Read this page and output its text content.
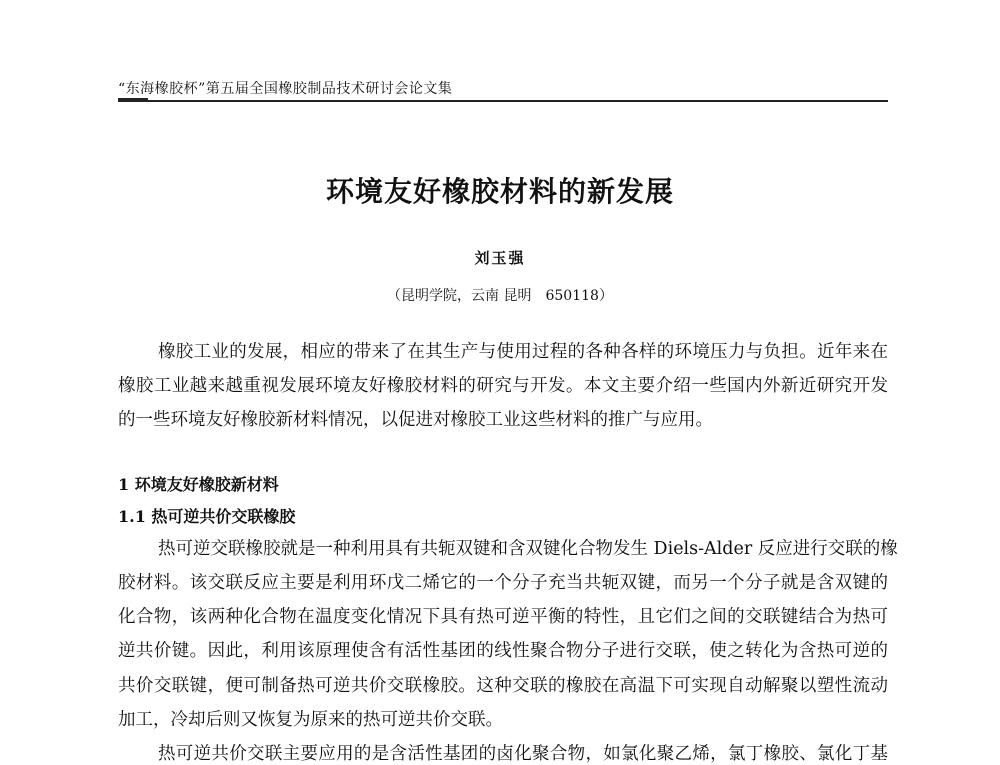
“东海橡胶杯”第五届全国橡胶制品技术研讨会论文集
环境友好橡胶材料的新发展
刘玉强
（昆明学院，云南 昆明　650118）
橡胶工业的发展，相应的带来了在其生产与使用过程的各种各样的环境压力与负担。近年来在
橡胶工业越来越重视发展环境友好橡胶材料的研究与开发。本文主要介绍一些国内外新近研究开发
的一些环境友好橡胶新材料情况，以促进对橡胶工业这些材料的推广与应用。
1 环境友好橡胶新材料
1.1 热可逆共价交联橡胶
热可逆交联橡胶就是一种利用具有共轭双键和含双键化合物发生 Diels-Alder 反应进行交联的橡
胶材料。该交联反应主要是利用环戊二烯它的一个分子充当共轭双键，而另一个分子就是含双键的
化合物，该两种化合物在温度变化情况下具有热可逆平衡的特性，且它们之间的交联键结合为热可
逆共价键。因此，利用该原理使含有活性基团的线性聚合物分子进行交联，使之转化为含热可逆的
共价交联键，便可制备热可逆共价交联橡胶。这种交联的橡胶在高温下可实现自动解聚以塑性流动
加工，冷却后则又恢复为原来的热可逆共价交联。
热可逆共价交联主要应用的是含活性基团的卤化聚合物，如氯化聚乙烯，氯丁橡胶、氯化丁基
